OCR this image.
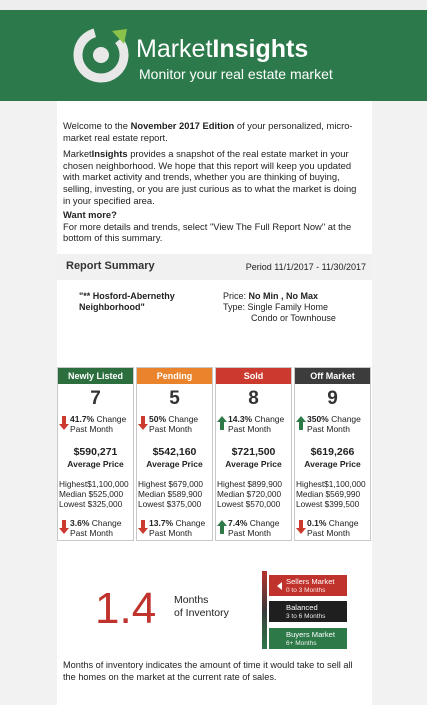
MarketInsights
Monitor your real estate market
Welcome to the November 2017 Edition of your personalized, micro-market real estate report.
MarketInsights provides a snapshot of the real estate market in your chosen neighborhood. We hope that this report will keep you updated with market activity and trends, whether you are thinking of buying, selling, investing, or you are just curious as to what the market is doing in your specified area.
Want more?
For more details and trends, select "View The Full Report Now" at the bottom of this summary.
Report Summary	Period 11/1/2017 - 11/30/2017
"** Hosford-Abernethy Neighborhood"
Price: No Min , No Max
Type: Single Family Home
Condo or Townhouse
Newly Listed
7
41.7% Change Past Month
$590,271
Average Price
Highest$1,100,000
Median $525,000
Lowest $325,000
3.6% Change Past Month
Pending
5
50% Change Past Month
$542,160
Average Price
Highest $679,000
Median $589,900
Lowest $375,000
13.7% Change Past Month
Sold
8
14.3% Change Past Month
$721,500
Average Price
Highest $899,900
Median $720,000
Lowest $570,000
7.4% Change Past Month
Off Market
9
350% Change Past Month
$619,266
Average Price
Highest$1,100,000
Median $569,990
Lowest $399,500
0.1% Change Past Month
1.4 Months
of Inventory
Sellers Market
0 to 3 Months
Balanced
3 to 6 Months
Buyers Market
6+ Months
Months of inventory indicates the amount of time it would take to sell all the homes on the market at the current rate of sales.
